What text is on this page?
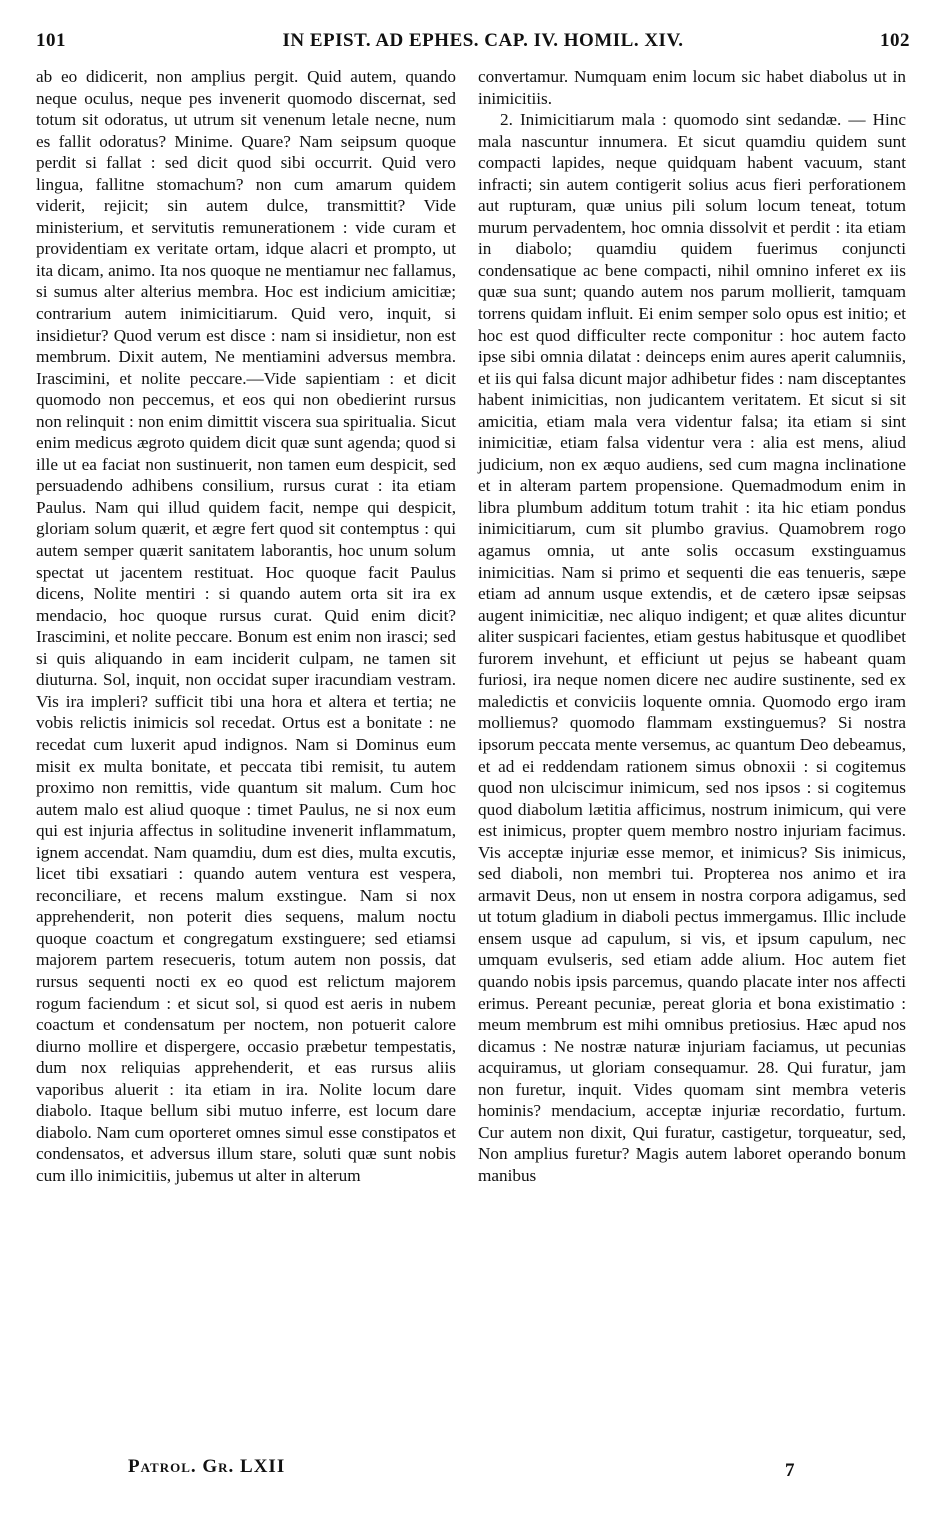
101	IN EPIST. AD EPHES. CAP. IV. HOMIL. XIV.	102

ab eo didicerit, non amplius pergit. Quid autem, quando neque oculus, neque pes invenerit quomodo discernat, sed totum sit odoratus, ut utrum sit venenum letale necne, num es fallit odoratus? Minime. Quare? Nam seipsum quoque perdit si fallat : sed dicit quod sibi occurrit. Quid vero lingua, fallitne stomachum? non cum amarum quidem viderit, rejicit; sin autem dulce, transmittit? Vide ministerium, et servitutis remunerationem : vide curam et providentiam ex veritate ortam, idque alacri et prompto, ut ita dicam, animo. Ita nos quoque ne mentiamur nec fallamus, si sumus alter alterius membra. Hoc est indicium amicitiæ; contrarium autem inimicitiarum. Quid vero, inquit, si insidietur? Quod verum est disce : nam si insidietur, non est membrum. Dixit autem, Ne mentiamini adversus membra. Irascimini, et nolite peccare.—Vide sapientiam : et dicit quomodo non peccemus, et eos qui non obedierint rursus non relinquit : non enim dimittit viscera sua spiritualia. Sicut enim medicus ægroto quidem dicit quæ sunt agenda; quod si ille ut ea faciat non sustinuerit, non tamen eum despicit, sed persuadendo adhibens consilium, rursus curat : ita etiam Paulus. Nam qui illud quidem facit, nempe qui despicit, gloriam solum quærit, et ægre fert quod sit contemptus : qui autem semper quærit sanitatem laborantis, hoc unum solum spectat ut jacentem restituat. Hoc quoque facit Paulus dicens, Nolite mentiri : si quando autem orta sit ira ex mendacio, hoc quoque rursus curat. Quid enim dicit? Irascimini, et nolite peccare. Bonum est enim non irasci; sed si quis aliquando in eam inciderit culpam, ne tamen sit diuturna. Sol, inquit, non occidat super iracundiam vestram. Vis ira impleri? sufficit tibi una hora et altera et tertia; ne vobis relictis inimicis sol recedat. Ortus est a bonitate : ne recedat cum luxerit apud indignos. Nam si Dominus eum misit ex multa bonitate, et peccata tibi remisit, tu autem proximo non remittis, vide quantum sit malum. Cum hoc autem malo est aliud quoque : timet Paulus, ne si nox eum qui est injuria affectus in solitudine invenerit inflammatum, ignem accendat. Nam quamdiu, dum est dies, multa excutis, licet tibi exsatiari : quando autem ventura est vespera, reconciliare, et recens malum exstingue. Nam si nox apprehenderit, non poterit dies sequens, malum noctu quoque coactum et congregatum exstinguere; sed etiamsi majorem partem resecueris, totum autem non possis, dat rursus sequenti nocti ex eo quod est relictum majorem rogum faciendum : et sicut sol, si quod est aeris in nubem coactum et condensatum per noctem, non potuerit calore diurno mollire et dispergere, occasio præbetur tempestatis, dum nox reliquias apprehenderit, et eas rursus aliis vaporibus aluerit : ita etiam in ira. Nolite locum dare diabolo. Itaque bellum sibi mutuo inferre, est locum dare diabolo. Nam cum oporteret omnes simul esse constipatos et condensatos, et adversus illum stare, soluti quæ sunt nobis cum illo inimicitiis, jubemus ut alter in alterum

convertamur. Numquam enim locum sic habet diabolus ut in inimicitiis.

2. Inimicitiarum mala : quomodo sint sedandæ. — Hinc mala nascuntur innumera. Et sicut quamdiu quidem sunt compacti lapides, neque quidquam habent vacuum, stant infracti; sin autem contigerit solius acus fieri perforationem aut rupturam, quæ unius pili solum locum teneat, totum murum pervadentem, hoc omnia dissolvit et perdit : ita etiam in diabolo; quamdiu quidem fuerimus conjuncti condensatique ac bene compacti, nihil omnino inferet ex iis quæ sua sunt; quando autem nos parum mollierit, tamquam torrens quidam influit. Ei enim semper solo opus est initio; et hoc est quod difficulter recte componitur : hoc autem facto ipse sibi omnia dilatat : deinceps enim aures aperit calumniis, et iis qui falsa dicunt major adhibetur fides : nam disceptantes habent inimicitias, non judicantem veritatem. Et sicut si sit amicitia, etiam mala vera videntur falsa; ita etiam si sint inimicitiæ, etiam falsa videntur vera : alia est mens, aliud judicium, non ex æquo audiens, sed cum magna inclinatione et in alteram partem propensione. Quemadmodum enim in libra plumbum additum totum trahit : ita hic etiam pondus inimicitiarum, cum sit plumbo gravius. Quamobrem rogo agamus omnia, ut ante solis occasum exstinguamus inimicitias. Nam si primo et sequenti die eas tenueris, sæpe etiam ad annum usque extendis, et de cætero ipsæ seipsas augent inimicitiæ, nec aliquo indigent; et quæ alites dicuntur aliter suspicari facientes, etiam gestus habitusque et quodlibet furorem invehunt, et efficiunt ut pejus se habeant quam furiosi, ira neque nomen dicere nec audire sustinente, sed ex maledictis et conviciis loquente omnia. Quomodo ergo iram molliemus? quomodo flammam exstinguemus? Si nostra ipsorum peccata mente versemus, ac quantum Deo debeamus, et ad ei reddendam rationem simus obnoxii : si cogitemus quod non ulciscimur inimicum, sed nos ipsos : si cogitemus quod diabolum lætitia afficimus, nostrum inimicum, qui vere est inimicus, propter quem membro nostro injuriam facimus. Vis acceptæ injuriæ esse memor, et inimicus? Sis inimicus, sed diaboli, non membri tui. Propterea nos animo et ira armavit Deus, non ut ensem in nostra corpora adigamus, sed ut totum gladium in diaboli pectus immergamus. Illic include ensem usque ad capulum, si vis, et ipsum capulum, nec umquam evulseris, sed etiam adde alium. Hoc autem fiet quando nobis ipsis parcemus, quando placate inter nos affecti erimus. Pereant pecuniæ, pereat gloria et bona existimatio : meum membrum est mihi omnibus pretiosius. Hæc apud nos dicamus : Ne nostræ naturæ injuriam faciamus, ut pecunias acquiramus, ut gloriam consequamur. 28. Qui furatur, jam non furetur, inquit. Vides quomam sint membra veteris hominis? mendacium, acceptæ injuriæ recordatio, furtum. Cur autem non dixit, Qui furatur, castigetur, torqueatur, sed, Non amplius furetur? Magis autem laboret operando bonum manibus

Patrol. Gr. LXII	7
